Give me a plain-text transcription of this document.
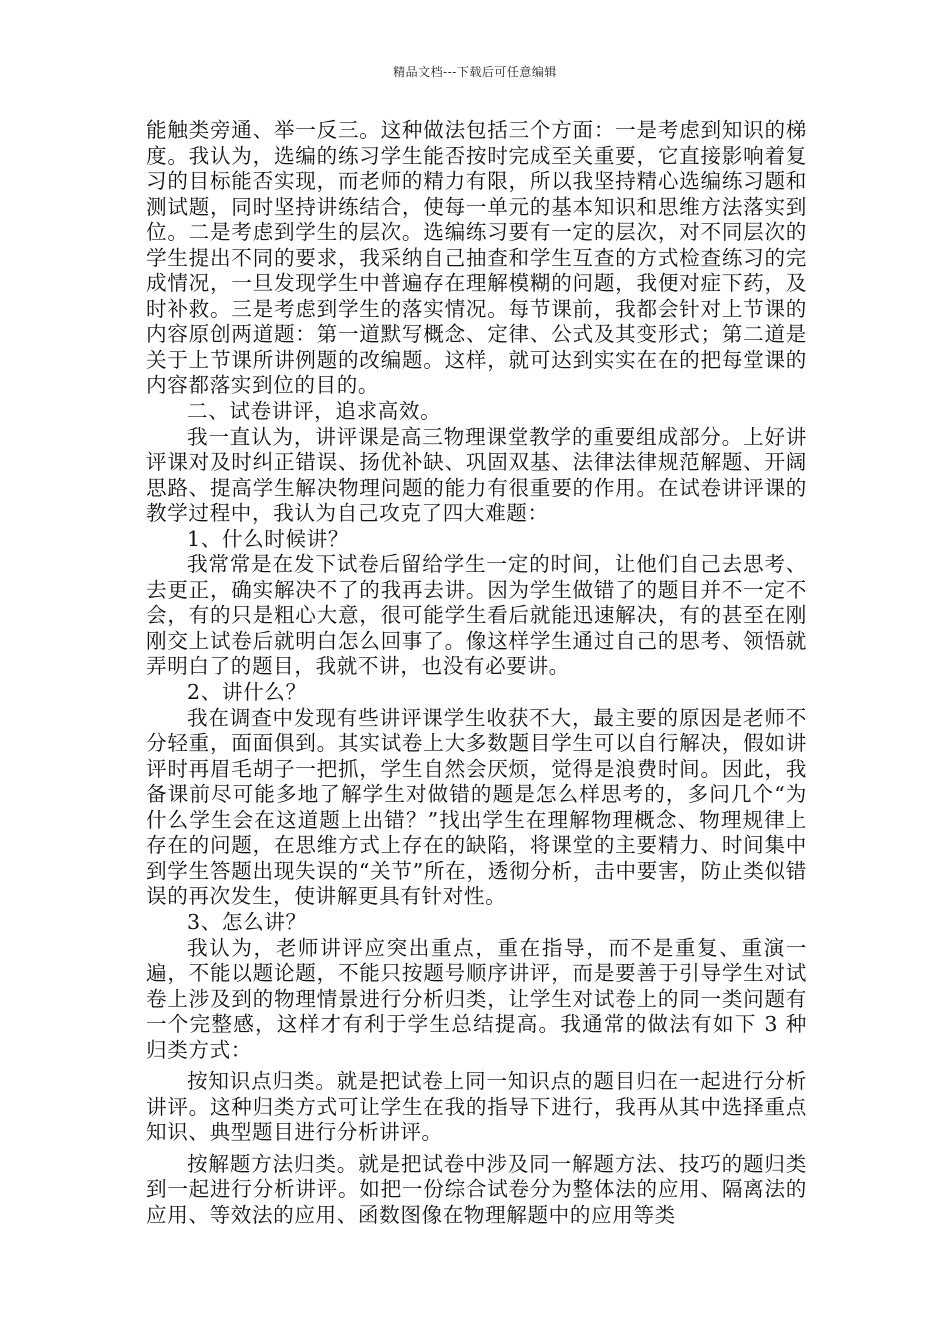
精品文档---下载后可任意编辑

能触类旁通、举一反三。这种做法包括三个方面：一是考虑到知识的梯度。我认为，选编的练习学生能否按时完成至关重要，它直接影响着复习的目标能否实现，而老师的精力有限，所以我坚持精心选编练习题和测试题，同时坚持讲练结合，使每一单元的基本知识和思维方法落实到位。二是考虑到学生的层次。选编练习要有一定的层次，对不同层次的学生提出不同的要求，我采纳自己抽查和学生互查的方式检查练习的完成情况，一旦发现学生中普遍存在理解模糊的问题，我便对症下药，及时补救。三是考虑到学生的落实情况。每节课前，我都会针对上节课的内容原创两道题：第一道默写概念、定律、公式及其变形式；第二道是关于上节课所讲例题的改编题。这样，就可达到实实在在的把每堂课的内容都落实到位的目的。

二、试卷讲评，追求高效。

我一直认为，讲评课是高三物理课堂教学的重要组成部分。上好讲评课对及时纠正错误、扬优补缺、巩固双基、法律法律规范解题、开阔思路、提高学生解决物理问题的能力有很重要的作用。在试卷讲评课的教学过程中，我认为自己攻克了四大难题：

1、什么时候讲？

我常常是在发下试卷后留给学生一定的时间，让他们自己去思考、去更正，确实解决不了的我再去讲。因为学生做错了的题目并不一定不会，有的只是粗心大意，很可能学生看后就能迅速解决，有的甚至在刚刚交上试卷后就明白怎么回事了。像这样学生通过自己的思考、领悟就弄明白了的题目，我就不讲，也没有必要讲。

2、讲什么？

我在调查中发现有些讲评课学生收获不大，最主要的原因是老师不分轻重，面面俱到。其实试卷上大多数题目学生可以自行解决，假如讲评时再眉毛胡子一把抓，学生自然会厌烦，觉得是浪费时间。因此，我备课前尽可能多地了解学生对做错的题是怎么样思考的，多问几个“为什么学生会在这道题上出错？”找出学生在理解物理概念、物理规律上存在的问题，在思维方式上存在的缺陷，将课堂的主要精力、时间集中到学生答题出现失误的“关节”所在，透彻分析，击中要害，防止类似错误的再次发生，使讲解更具有针对性。

3、怎么讲？

我认为，老师讲评应突出重点，重在指导，而不是重复、重演一遍，不能以题论题，不能只按题号顺序讲评，而是要善于引导学生对试卷上涉及到的物理情景进行分析归类，让学生对试卷上的同一类问题有一个完整感，这样才有利于学生总结提高。我通常的做法有如下 3 种归类方式：

按知识点归类。就是把试卷上同一知识点的题目归在一起进行分析讲评。这种归类方式可让学生在我的指导下进行，我再从其中选择重点知识、典型题目进行分析讲评。

按解题方法归类。就是把试卷中涉及同一解题方法、技巧的题归类到一起进行分析讲评。如把一份综合试卷分为整体法的应用、隔离法的应用、等效法的应用、函数图像在物理解题中的应用等类
